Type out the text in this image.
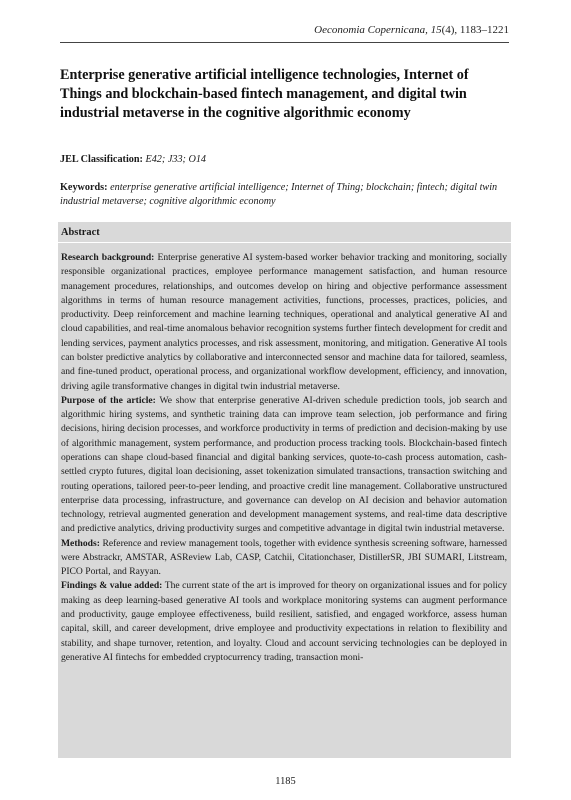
Oeconomia Copernicana, 15(4), 1183–1221
Enterprise generative artificial intelligence technologies, Internet of Things and blockchain-based fintech management, and digital twin industrial metaverse in the cognitive algorithmic economy
JEL Classification: E42; J33; O14
Keywords: enterprise generative artificial intelligence; Internet of Thing; blockchain; fintech; digital twin industrial metaverse; cognitive algorithmic economy
Abstract

Research background: Enterprise generative AI system-based worker behavior tracking and monitoring, socially responsible organizational practices, employee performance management satisfaction, and human resource management procedures, relationships, and outcomes develop on hiring and objective performance assessment algorithms in terms of human resource management activities, functions, processes, practices, policies, and productivity. Deep reinforcement and machine learning techniques, operational and analytical generative AI and cloud capabilities, and real-time anomalous behavior recognition systems further fintech development for credit and lending services, payment analytics processes, and risk assessment, monitoring, and mitigation. Generative AI tools can bolster predictive analytics by collaborative and interconnected sensor and machine data for tailored, seamless, and fine-tuned product, operational process, and organizational workflow development, efficiency, and innovation, driving agile transformative changes in digital twin industrial metaverse.

Purpose of the article: We show that enterprise generative AI-driven schedule prediction tools, job search and algorithmic hiring systems, and synthetic training data can improve team selection, job performance and firing decisions, hiring decision processes, and workforce productivity in terms of prediction and decision-making by use of algorithmic management, system performance, and production process tracking tools. Blockchain-based fintech operations can shape cloud-based financial and digital banking services, quote-to-cash process automation, cash-settled crypto futures, digital loan decisioning, asset tokenization simulated transactions, transaction switching and routing operations, tailored peer-to-peer lending, and proactive credit line management. Collaborative unstructured enterprise data processing, infrastructure, and governance can develop on AI decision and behavior automation technology, retrieval augmented generation and development management systems, and real-time data descriptive and predictive analytics, driving productivity surges and competitive advantage in digital twin industrial metaverse.

Methods: Reference and review management tools, together with evidence synthesis screening software, harnessed were Abstrackr, AMSTAR, ASReview Lab, CASP, Catchii, Citationchaser, DistillerSR, JBI SUMARI, Litstream, PICO Portal, and Rayyan.

Findings & value added: The current state of the art is improved for theory on organizational issues and for policy making as deep learning-based generative AI tools and workplace monitoring systems can augment performance and productivity, gauge employee effectiveness, build resilient, satisfied, and engaged workforce, assess human capital, skill, and career development, drive employee and productivity expectations in relation to flexibility and stability, and shape turnover, retention, and loyalty. Cloud and account servicing technologies can be deployed in generative AI fintechs for embedded cryptocurrency trading, transaction moni-

1185
